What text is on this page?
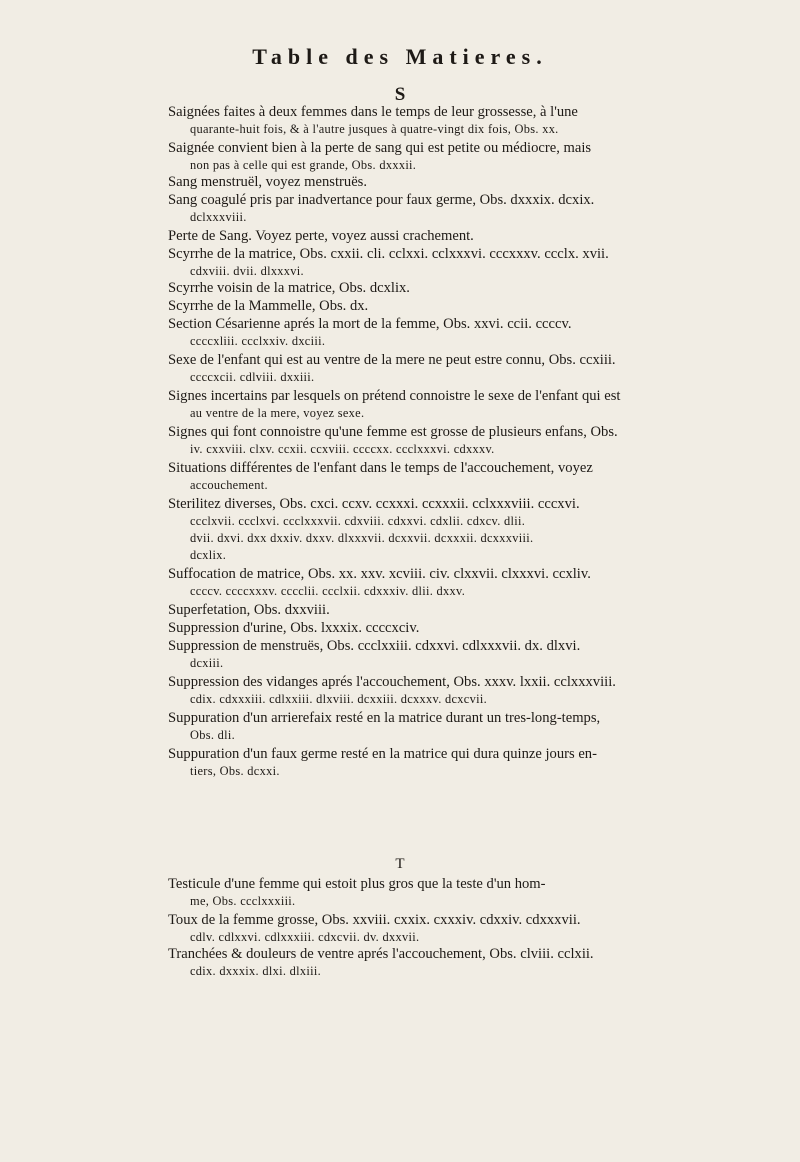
Table des Matieres.
S
Saignées faites à deux femmes dans le temps de leur grossesse, à l'une
quarante-huit fois, & à l'autre jusques à quatre-vingt dix fois, Obs. xx.
Saignée convient bien à la perte de sang qui est petite ou médiocre, mais
non pas à celle qui est grande, Obs. dxxxii.
Sang menstruël, voyez menstruës.
Sang coagulé pris par inadvertance pour faux germe, Obs. dxxxix. dcxix.
dclxxxviii.
Perte de Sang. Voyez perte, voyez aussi crachement.
Scyrrhe de la matrice, Obs. cxxii. cli. cclxxi. cclxxxvi. cccxxxv. ccclx. xvii.
cdxviii. dvii. dlxxxvi.
Scyrrhe voisin de la matrice, Obs. dcxlix.
Scyrrhe de la Mammelle, Obs. dx.
Section Césarienne aprés la mort de la femme, Obs. xxvi. ccii. ccccv.
ccccxliii. ccclxxiv. dxciii.
Sexe de l'enfant qui est au ventre de la mere ne peut estre connu, Obs. ccxiii.
ccccxcii. cdlviii. dxxiii.
Signes incertains par lesquels on prétend connoistre le sexe de l'enfant qui est
au ventre de la mere, voyez sexe.
Signes qui font connoistre qu'une femme est grosse de plusieurs enfans, Obs.
iv. cxxviii. clxv. ccxii. ccxviii. ccccxx. ccclxxxvi. cdxxxv.
Situations différentes de l'enfant dans le temps de l'accouchement, voyez
accouchement.
Sterilitez diverses, Obs. cxci. ccxv. ccxxxi. ccxxxii. cclxxxviii. cccxvi.
ccclxvii. ccclxvi. ccclxxxvii. cdxviii. cdxxvi. cdxlii. cdxcv. dlii.
dvii. dxvi. dxx dxxiv. dxxv. dlxxxvii. dcxxvii. dcxxxii. dcxxxviii.
dcxlix.
Suffocation de matrice, Obs. xx. xxv. xcviii. civ. clxxvii. clxxxvi. ccxliv.
ccccv. ccccxxxv. cccclii. ccclxii. cdxxxiv. dlii. dxxv.
Superfetation, Obs. dxxviii.
Suppression d'urine, Obs. lxxxix. ccccxciv.
Suppression de menstruës, Obs. ccclxxiii. cdxxvi. cdlxxxvii. dx. dlxvi.
dcxiii.
Suppression des vidanges aprés l'accouchement, Obs. xxxv. lxxii. cclxxxviii.
cdix. cdxxxiii. cdlxxiii. dlxviii. dcxxiii. dcxxxv. dcxcvii.
Suppuration d'un arrierefaix resté en la matrice durant un tres-long-temps,
Obs. dli.
Suppuration d'un faux germe resté en la matrice qui dura quinze jours en-
tiers, Obs. dcxxi.
T
Testicule d'une femme qui estoit plus gros que la teste d'un hom-
me, Obs. ccclxxxiii.
Toux de la femme grosse, Obs. xxviii. cxxix. cxxxiv. cdxxiv. cdxxxvii.
cdlv. cdlxxvi. cdlxxxiii. cdxcvii. dv. dxxvii.
Tranchées & douleurs de ventre aprés l'accouchement, Obs. clviii. cclxii.
cdix. dxxxix. dlxi. dlxiii.
